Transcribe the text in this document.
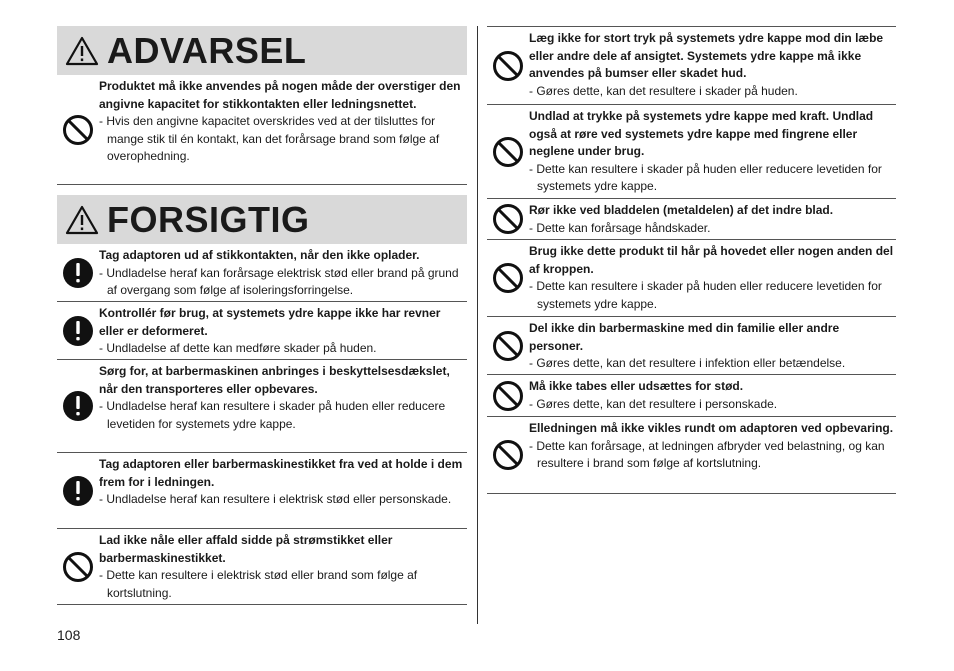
ADVARSEL
Produktet må ikke anvendes på nogen måde der overstiger den angivne kapacitet for stikkontakten eller ledningsnettet.
- Hvis den angivne kapacitet overskrides ved at der tilsluttes for mange stik til én kontakt, kan det forårsage brand som følge af overophedning.
FORSIGTIG
Tag adaptoren ud af stikkontakten, når den ikke oplader.
- Undladelse heraf kan forårsage elektrisk stød eller brand på grund af overgang som følge af isoleringsforringelse.
Kontrollér før brug, at systemets ydre kappe ikke har revner eller er deformeret.
- Undladelse af dette kan medføre skader på huden.
Sørg for, at barbermaskinen anbringes i beskyttelsesdækslet, når den transporteres eller opbevares.
- Undladelse heraf kan resultere i skader på huden eller reducere levetiden for systemets ydre kappe.
Tag adaptoren eller barbermaskinestikket fra ved at holde i dem frem for i ledningen.
- Undladelse heraf kan resultere i elektrisk stød eller personskade.
Lad ikke nåle eller affald sidde på strømstikket eller barbermaskinestikket.
- Dette kan resultere i elektrisk stød eller brand som følge af kortslutning.
Læg ikke for stort tryk på systemets ydre kappe mod din læbe eller andre dele af ansigtet. Systemets ydre kappe må ikke anvendes på bumser eller skadet hud.
- Gøres dette, kan det resultere i skader på huden.
Undlad at trykke på systemets ydre kappe med kraft. Undlad også at røre ved systemets ydre kappe med fingrene eller neglene under brug.
- Dette kan resultere i skader på huden eller reducere levetiden for systemets ydre kappe.
Rør ikke ved bladdelen (metaldelen) af det indre blad.
- Dette kan forårsage håndskader.
Brug ikke dette produkt til hår på hovedet eller nogen anden del af kroppen.
- Dette kan resultere i skader på huden eller reducere levetiden for systemets ydre kappe.
Del ikke din barbermaskine med din familie eller andre personer.
- Gøres dette, kan det resultere i infektion eller betændelse.
Må ikke tabes eller udsættes for stød.
- Gøres dette, kan det resultere i personskade.
Elledningen må ikke vikles rundt om adaptoren ved opbevaring.
- Dette kan forårsage, at ledningen afbryder ved belastning, og kan resultere i brand som følge af kortslutning.
108
